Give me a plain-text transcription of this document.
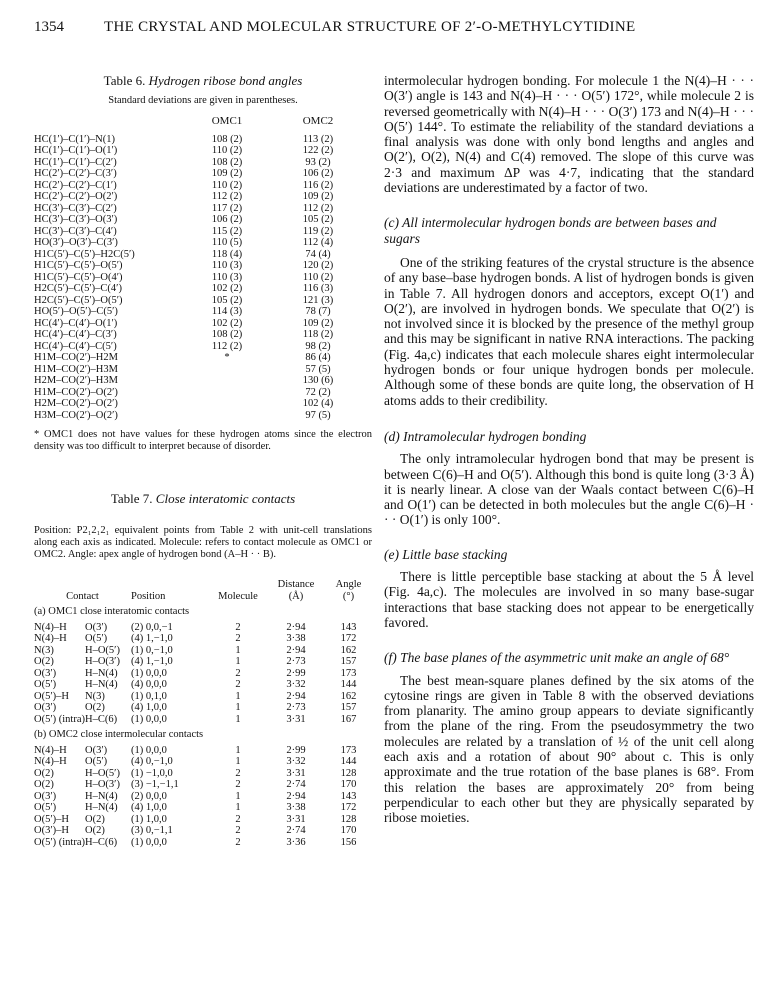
1354	THE CRYSTAL AND MOLECULAR STRUCTURE OF 2′-O-METHYLCYTIDINE

Table 6. Hydrogen ribose bond angles

Standard deviations are given in parentheses.

	OMC1	OMC2
HC(1′)–C(1′)–N(1)	108 (2)	113 (2)
HC(1′)–C(1′)–O(1′)	110 (2)	122 (2)
HC(1′)–C(1′)–C(2′)	108 (2)	93 (2)
HC(2′)–C(2′)–C(3′)	109 (2)	106 (2)
HC(2′)–C(2′)–C(1′)	110 (2)	116 (2)
HC(2′)–C(2′)–O(2′)	112 (2)	109 (2)
HC(3′)–C(3′)–C(2′)	117 (2)	112 (2)
HC(3′)–C(3′)–O(3′)	106 (2)	105 (2)
HC(3′)–C(3′)–C(4′)	115 (2)	119 (2)
HO(3′)–O(3′)–C(3′)	110 (5)	112 (4)
H1C(5′)–C(5′)–H2C(5′)	118 (4)	74 (4)
H1C(5′)–C(5′)–O(5′)	110 (3)	120 (2)
H1C(5′)–C(5′)–O(4′)	110 (3)	110 (2)
H2C(5′)–C(5′)–C(4′)	102 (2)	116 (3)
H2C(5′)–C(5′)–O(5′)	105 (2)	121 (3)
HO(5′)–O(5′)–C(5′)	114 (3)	78 (7)
HC(4′)–C(4′)–O(1′)	102 (2)	109 (2)
HC(4′)–C(4′)–C(3′)	108 (2)	118 (2)
HC(4′)–C(4′)–C(5′)	112 (2)	98 (2)
H1M–CO(2′)–H2M	*	86 (4)
H1M–CO(2′)–H3M		57 (5)
H2M–CO(2′)–H3M		130 (6)
H1M–CO(2′)–O(2′)		72 (2)
H2M–CO(2′)–O(2′)		102 (4)
H3M–CO(2′)–O(2′)		97 (5)

* OMC1 does not have values for these hydrogen atoms since the electron density was too difficult to interpret because of disorder.

Table 7. Close interatomic contacts

Position: P2₁2₁2₁ equivalent points from Table 2 with unit-cell translations along each axis as indicated. Molecule: refers to contact molecule as OMC1 or OMC2. Angle: apex angle of hydrogen bond (A–H · · B).

				Distance	Angle
Contact		Position	Molecule	(Å)	(°)
(a) OMC1 close interatomic contacts					
N(4)–H	O(3′)	(2) 0,0,−1	2	2·94	143
N(4)–H	O(5′)	(4) 1,−1,0	2	3·38	172
N(3)	H–O(5′)	(1) 0,−1,0	1	2·94	162
O(2)	H–O(3′)	(4) 1,−1,0	1	2·73	157
O(3′)	H–N(4)	(1) 0,0,0	2	2·99	173
O(5′)	H–N(4)	(4) 0,0,0	2	3·32	144
O(5′)–H	N(3)	(1) 0,1,0	1	2·94	162
O(3′)	O(2)	(4) 1,0,0	1	2·73	157
O(5′) (intra)	H–C(6)	(1) 0,0,0	1	3·31	167
(b) OMC2 close intermolecular contacts					
N(4)–H	O(3′)	(1) 0,0,0	1	2·99	173
N(4)–H	O(5′)	(4) 0,−1,0	1	3·32	144
O(2)	H–O(5′)	(1) −1,0,0	2	3·31	128
O(2)	H–O(3′)	(3) −1,−1,1	2	2·74	170
O(3′)	H–N(4)	(2) 0,0,0	1	2·94	143
O(5′)	H–N(4)	(4) 1,0,0	1	3·38	172
O(5′)–H	O(2)	(1) 1,0,0	2	3·31	128
O(3′)–H	O(2)	(3) 0,−1,1	2	2·74	170
O(5′) (intra)	H–C(6)	(1) 0,0,0	2	3·36	156

intermolecular hydrogen bonding. For molecule 1 the N(4)–H · · · O(3′) angle is 143 and N(4)–H · · · O(5′) 172°, while molecule 2 is reversed geometrically with N(4)–H · · · O(3′) 173 and N(4)–H · · · O(5′) 144°. To estimate the reliability of the standard deviations a final analysis was done with only bond lengths and angles and O(2′), O(2), N(4) and C(4) removed. The slope of this curve was 2·3 and maximum ΔP was 4·7, indicating that the standard deviations are underestimated by a factor of two.

(c) All intermolecular hydrogen bonds are between bases and sugars

One of the striking features of the crystal structure is the absence of any base–base hydrogen bonds. A list of hydrogen bonds is given in Table 7. All hydrogen donors and acceptors, except O(1′) and O(2′), are involved in hydrogen bonds. We speculate that O(2′) is not involved since it is blocked by the presence of the methyl group and this may be significant in native RNA interactions. The packing (Fig. 4a,c) indicates that each molecule shares eight intermolecular hydrogen bonds or four unique hydrogen bonds per molecule. Although some of these bonds are quite long, the observation of H atoms adds to their credibility.

(d) Intramolecular hydrogen bonding

The only intramolecular hydrogen bond that may be present is between C(6)–H and O(5′). Although this bond is quite long (3·3 Å) it is nearly linear. A close van der Waals contact between C(6)–H and O(1′) can be detected in both molecules but the angle C(6)–H · · · O(1′) is only 100°.

(e) Little base stacking

There is little perceptible base stacking at about the 5 Å level (Fig. 4a,c). The molecules are involved in so many base-sugar interactions that base stacking does not appear to be energetically favored.

(f) The base planes of the asymmetric unit make an angle of 68°

The best mean-square planes defined by the six atoms of the cytosine rings are given in Table 8 with the observed deviations from planarity. The amino group appears to deviate significantly from the plane of the ring. From the pseudosymmetry the two molecules are related by a translation of ½ of the unit cell along each axis and a rotation of about 90° about c. This is only approximate and the true rotation of the base planes is 68°. From this relation the bases are approximately 20° from being perpendicular to each other but they are physically separated by ribose moieties.
